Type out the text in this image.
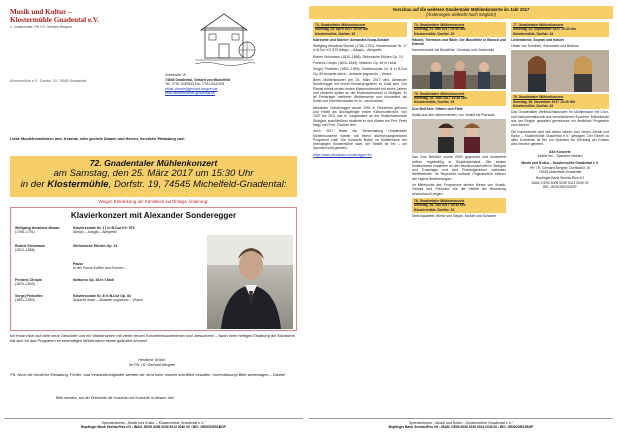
Musik und Kultur –
Klostermühle Gnadental e.V.
1. Vorsitzender: Pfr. i.R. Gerhard Bergner
Dorfstraße 19
74545 Gnadental, Ortsteil von Michelfeld
Tel.: 0791-9449333 Fax: 0791-9441004
eMail: pfarrer@gerhard-bergner.de
www.klostermuehle-gnadental.de
Klostermühle e.V., Dorfstr. 19, 74545 Gnadental
Liebe Musikfreundinnen und -freunde, sehr geehrte Damen und Herren, herzliche Einladung zum
72. Gnadentaler Mühlenkonzert
am Samstag, den 25. März 2017 um 15:30 Uhr
in der Klostermühle, Dorfstr. 19, 74545 Michelfeld-Gnadental:
Wegen Erkrankung der Künstlerin kurzfristige Änderung:
Klavierkonzert mit Alexander Sonderegger
Wolfgang Amadeus Mozart
(1756–1791)
Klaviersonate Nr. 17 in B-Dur KV. 570
Allegro – Adagio – Allegretto
Robert Schumann
(1810–1856)
Sinfonische Etüden Op. 13
Pause
in der Pause Kaffee und Kuchen ...
Frederic Chopin
(1810–1849)
Notturno Op. 48 in f-Moll
Sergej Prokofiev
(1891–1953)
Klaviersonate Nr. 8 in B-Dur Op. 84
Andante dolce – Andante sognando – Vivace
Ich freue mich auf viele neue Gesichter und ein Wiedersehen mit vielen treuen Konzertbesucherinnen und -besuchern! – Nach einer heftigen Erkältung der Künstlerin hat sich für das Programm im ehemaligen Mühlenraum etwas geändert können!
Herzliche Grüße,
Ihr Pfr. i.R. Gerhard Bergner
PS: Noch die herzliche Einladung. Förder- und Verbandsmitglieder werden wir nicht mehr einzeln schriftlich einladen; Unterstützung! Bitte weitersagen – Danke!
Bitte wenden, auf der Rückseite die Vorschau auf Konzerte in diesem Jahr
Spendenkonto: „Musik und Kultur – Klostermühle Gnadental e.V."
Bopfinger Bank Sechta-Ries eG • IBAN: DE90 6006 9239 0013 0040 00 • BIC: GENODES1BOP
Vorschau auf die weiteren Gnadentaler Mühlenkonzerte im Jahr 2017
(Änderungen vielleicht noch möglich!)
73. Gnadentaler Mühlenkonzert
Sonntag, 23. April 2017 15:30 Uhr
Klostermühle, Dorfstr. 19
Klarinette und Klavier: Alexandra Knop-Schade
Wolfgang Amadeus Mozart (1756–1791): Klaviersonate Nr. 17 in B-Dur KV. 570 Allegro – Adagio – Allegretto
Robert Schumann (1810–1856): Sinfonische Etüden Op. 13
Frederic Chopin (1810–1849): Notturno Op. 48 in f-Moll
Sergej Prokofiev (1891–1953): Klaviersonate Nr. 8 in B-Dur Op. 84 Andante dolce – Andante sognando – Vivace
Beim Mühlenkonzert am 25. März 2017 wird Alexander Sonderegger mit einem Klavierprogramm zu Gast sein. Der Pianist erhielt seinen ersten Klavierunterricht mit sechs Jahren und studierte später an der Musikhochschule in Stuttgart. Er ist Preisträger mehrerer Wettbewerbe und konzertiert als Solist und Kammermusiker im In- und Ausland.
Alexander Sonderegger wurde 1991 in Pforzheim geboren und erhielt als Sechsjähriger ersten Klavierunterricht. Von 2007 bis 2011 war er Jungstudent an der Musikhochschule Stuttgart, anschließend studierte er dort Klavier bei Prof. Peter Nagy und Prof. Thomas Hell.
Auch 2017 findet die Veranstaltung Gnadentaler Mühlenkonzerte wieder mit einem abwechslungsreichen Programm statt. Die Konzerte finden im Mühlenraum der ehemaligen Klostermühle statt, der Eintritt ist frei – um Spenden wird gebeten.
https://www.alexander-sonderegger.de/
74. Gnadentaler Mühlenkonzert
Sonntag, 21. Mai 2017 15:30 Uhr
Klostermühle, Dorfstr. 19
Händel, Telemann und Bach: Die Blockflöte in Barock und Klassik
Kammermusik mit Blockflöte, Cembalo und Violoncello
75. Gnadentaler Mühlenkonzert
Sonntag, 18. Juni 2017 15:30 Uhr
Klostermühle, Dorfstr. 19
Duo Bell'Arte: Gitarre und Flöte
Musik aus drei Jahrhunderten, von Vivaldi bis Piazzolla
Das Duo Bell'Arte wurde 2009 gegründet und konzertiert seither regelmäßig in Süddeutschland. Die beiden Musikerinnen studierten an den Musikhochschulen in Stuttgart und Trossingen und sind Preisträgerinnen nationaler Wettbewerbe. Ihr Repertoire umfasst Originalwerke ebenso wie eigene Bearbeitungen.
Im Mittelpunkt des Programms stehen Werke von Vivaldi, Giuliani und Piazzolla, die die Vielfalt der Besetzung eindrucksvoll zeigen.
76. Gnadentaler Mühlenkonzert
Sonntag, 16. Juli 2017 15:30 Uhr
Klostermühle, Dorfstr. 19
Streichquartett: Werke von Haydn, Mozart und Schubert
77. Gnadentaler Mühlenkonzert
Sonntag, 24. September 2017 15:30 Uhr
Klostermühle, Dorfstr. 19
Liederabend: Sopran und Klavier
Lieder von Schubert, Schumann und Brahms
78. Gnadentaler Mühlenkonzert
Sonntag, 26. November 2017 15:30 Uhr
Klostermühle, Dorfstr. 19
Das Gnadentaler Weihnachtskonzert im Mühlenraum mit Chor- und Instrumentalmusik aus verschiedenen Epochen. Mitwirkende aus der Region gestalten gemeinsam ein festliches Programm zum Advent.
Die Konzertreihe wird seit vielen Jahren vom Verein „Musik und Kultur – Klostermühle Gnadental e.V." getragen. Der Eintritt zu allen Konzerten ist frei, um Spenden zur Deckung der Kosten wird herzlich gebeten.
Alle Konzerte
Eintritt frei – Spenden erbeten
Musik und Kultur – Klostermühle Gnadental e.V.
Pfr. i.R. Gerhard Bergner, Dorfstraße 19
74545 Michelfeld-Gnadental
Bopfinger Bank Sechta-Ries eG
IBAN: DE90 6006 9239 0013 0040 00
BIC: GENODES1BOP
Spendenkonto: „Musik und Kultur – Klostermühle Gnadental e.V."
Bopfinger Bank Sechta-Ries eG • IBAN: DE90 6006 9239 0013 0040 00 • BIC: GENODES1BOP
